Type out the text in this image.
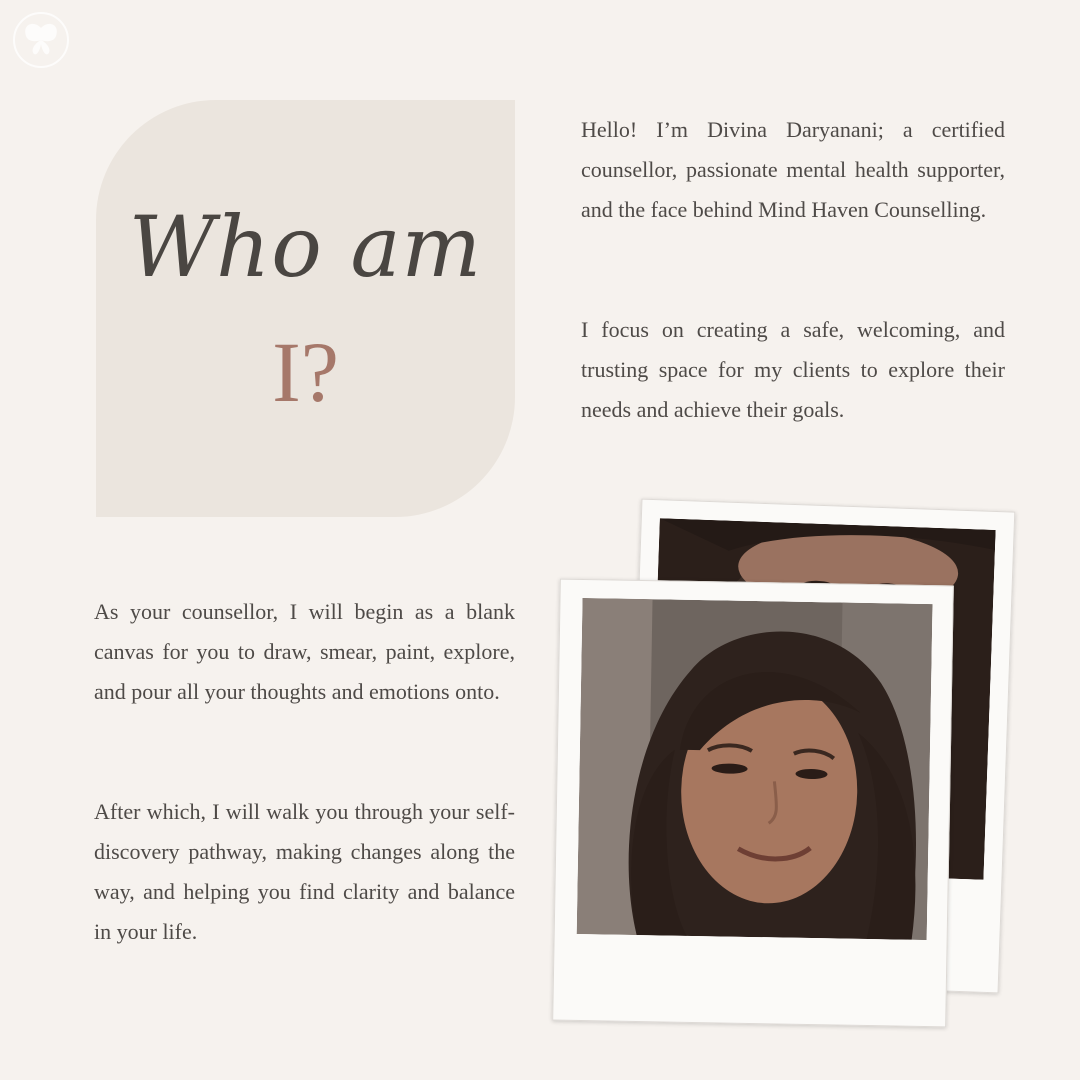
Who am
I?

Hello! I’m Divina Daryanani; a certified counsellor, passionate mental health supporter, and the face behind Mind Haven Counselling.

I focus on creating a safe, welcoming, and trusting space for my clients to explore their needs and achieve their goals.

As your counsellor, I will begin as a blank canvas for you to draw, smear, paint, explore, and pour all your thoughts and emotions onto.

After which, I will walk you through your self-discovery pathway, making changes along the way, and helping you find clarity and balance in your life.
